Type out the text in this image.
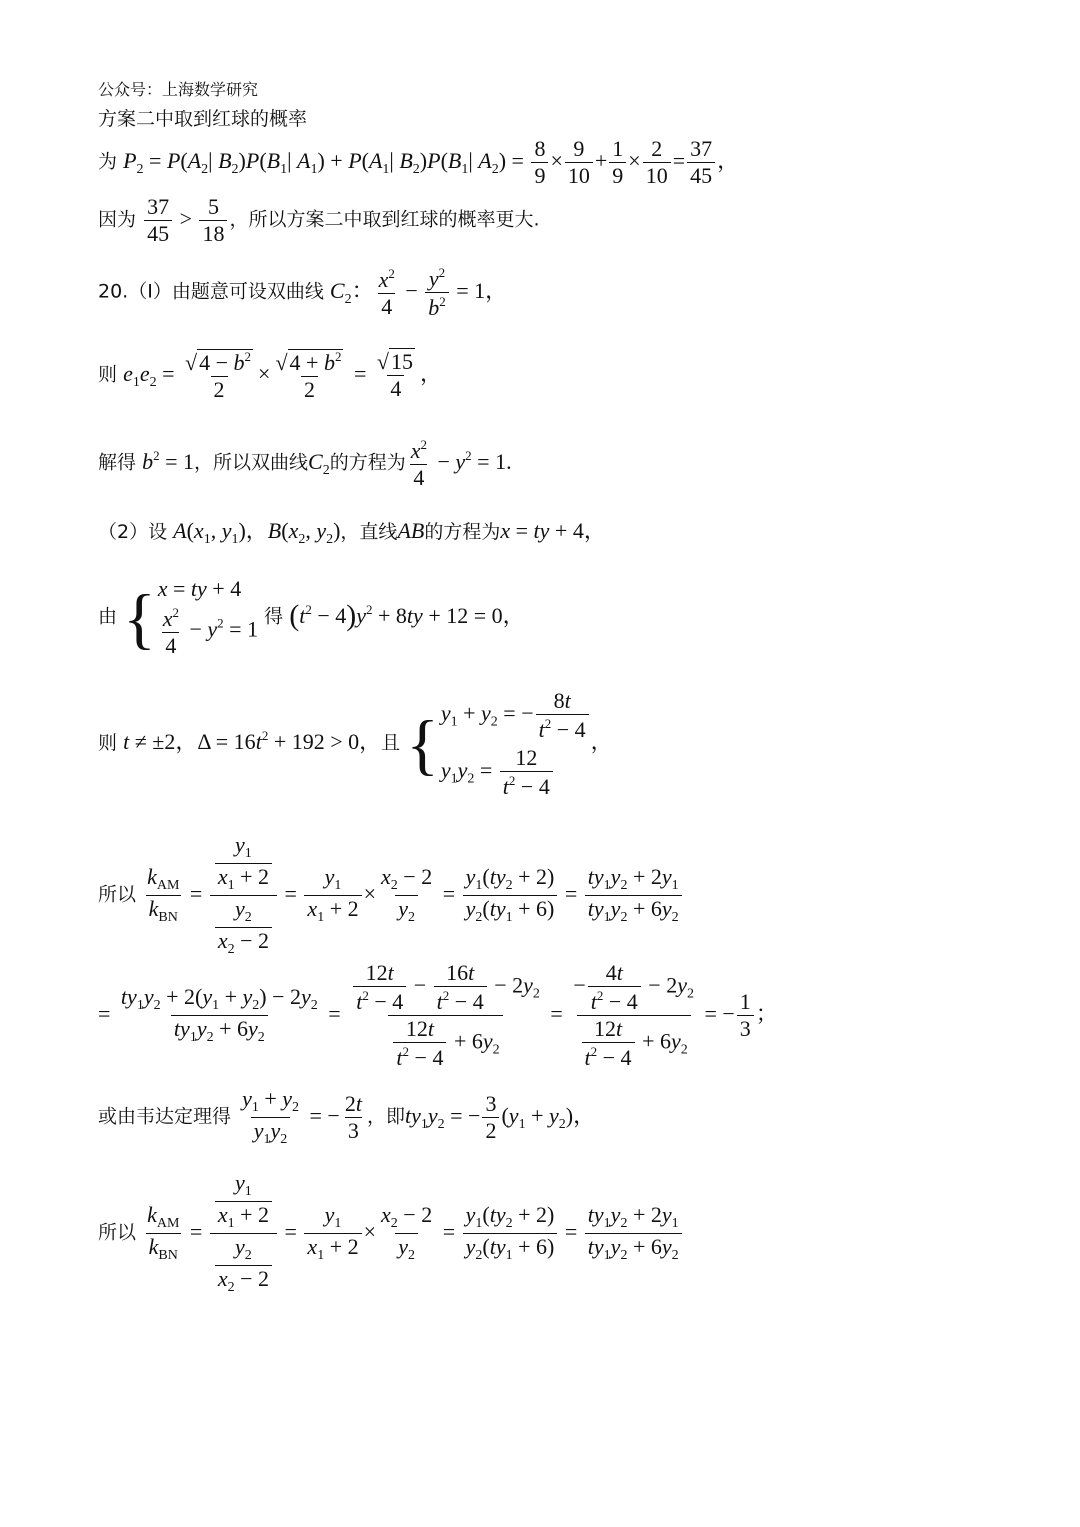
公众号：上海数学研究
方案二中取到红球的概率
为 $P_2 = P(A_2|$ $B_2)P(B_1|$ $A_1) + P(A_1|$ $B_2)P(B_1|$ $A_2) = \frac{8}{9} \times \frac{9}{10} + \frac{1}{9} \times \frac{2}{10} = \frac{37}{45}$ ，
因为 $\frac{37}{45} > \frac{5}{18}$ ，所以方案二中取到红球的概率更大.
20.（I）由题意可设双曲线 $C_2$： $\frac{x^2}{4} - \frac{y^2}{b^2} = 1$，
则 $e_1e_2 = \frac{√4 - b^2}{2} \times \frac{√4 + b^2}{2} = \frac{√15}{4}$ ，
解得 $b^2 = 1$，所以双曲线$C_2$的方程为 $\frac{x^2}{4} - y^2 = 1$.
（2）设 $A(x_1$, $y_1$)，$B(x_2$, $y_2$)，直线AB的方程为x = ty + 4，
由 { x = ty + 4
$\frac{x^2}{4} - y^2 = 1$ 得 $(t^2 - 4)y^2 + 8ty + 12 = 0$，
则 t ≠ ±2，$\Delta = 16t^2 + 192 > 0$，且 { $y_1 + y_2$ = − $\frac{8t}{t^2 - 4}$
$y_1y_2 = \frac{12}{t^2 - 4}$
，
所以 $\frac{k_{AM}}{k_{BN}} = \frac{\frac{y_1}{x_1 + 2}}{\frac{y_2}{x_2 - 2}} = \frac{y_1}{x_1 + 2} \times \frac{x_2 - 2}{y_2} = \frac{y_1(ty_2 + 2)}{y_2(ty_1 + 6)} = \frac{ty_1y_2 + 2y_1}{ty_1y_2 + 6y_2}$
= $\frac{ty_1y_2 + 2(y_1 + y_2) - 2y_2}{ty_1y_2 + 6y_2} = \frac{\frac{12t}{t^2 - 4} - \frac{16t}{t^2 - 4} - 2y_2}{\frac{12t}{t^2 - 4} + 6y_2} = \frac{- \frac{4t}{t^2 - 4} - 2y_2}{\frac{12t}{t^2 - 4} + 6y_2}$ = − $\frac{1}{3}$ ；
或由韦达定理得 $\frac{y_1 + y_2}{y_1y_2}$ = − $\frac{2t}{3}$ ，即$ty_1y_2$ = − $\frac{3}{2} (y_1 + y_2)$，
所以 $\frac{k_{AM}}{k_{BN}} = \frac{\frac{y_1}{x_1 + 2}}{\frac{y_2}{x_2 - 2}} = \frac{y_1}{x_1 + 2} \times \frac{x_2 - 2}{y_2} = \frac{y_1(ty_2 + 2)}{y_2(ty_1 + 6)} = \frac{ty_1y_2 + 2y_1}{ty_1y_2 + 6y_2}$
